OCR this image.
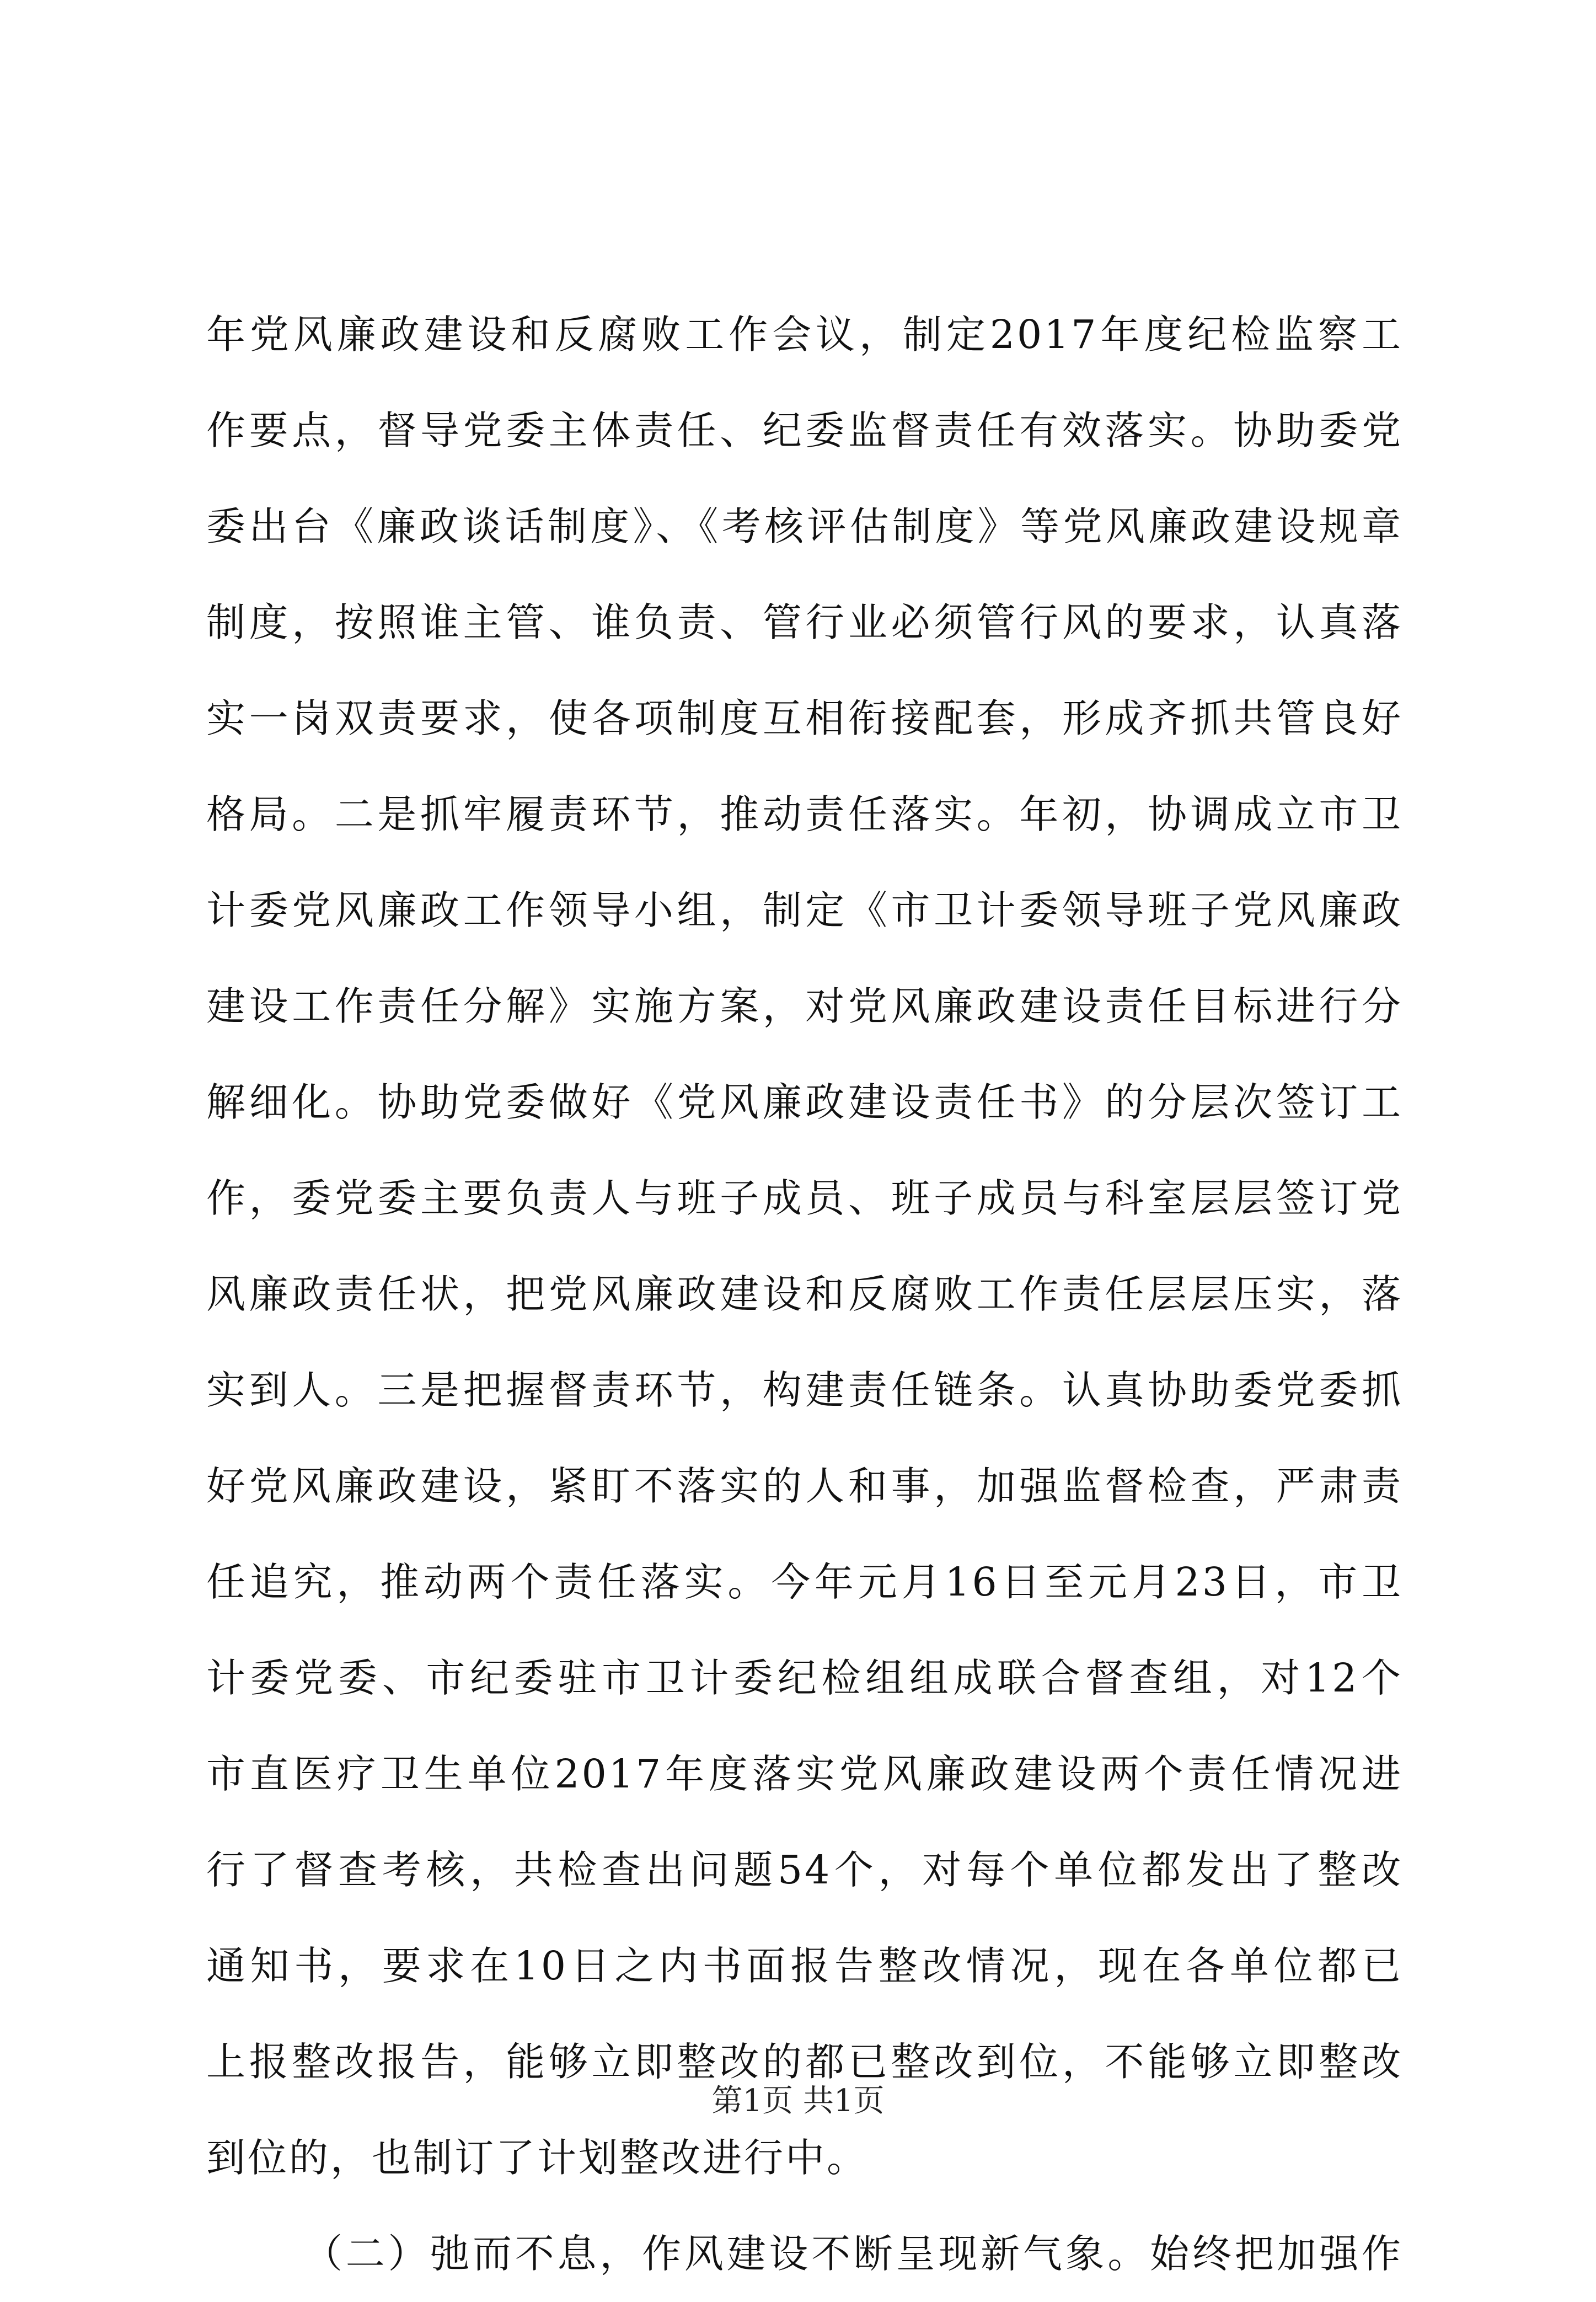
年党风廉政建设和反腐败工作会议，制定2017年度纪检监察工
作要点，督导党委主体责任、纪委监督责任有效落实。协助委党
委出台《廉政谈话制度》、《考核评估制度》等党风廉政建设规章
制度，按照谁主管、谁负责、管行业必须管行风的要求，认真落
实一岗双责要求，使各项制度互相衔接配套，形成齐抓共管良好
格局。二是抓牢履责环节，推动责任落实。年初，协调成立市卫
计委党风廉政工作领导小组，制定《市卫计委领导班子党风廉政
建设工作责任分解》实施方案，对党风廉政建设责任目标进行分
解细化。协助党委做好《党风廉政建设责任书》的分层次签订工
作，委党委主要负责人与班子成员、班子成员与科室层层签订党
风廉政责任状，把党风廉政建设和反腐败工作责任层层压实，落
实到人。三是把握督责环节，构建责任链条。认真协助委党委抓
好党风廉政建设，紧盯不落实的人和事，加强监督检查，严肃责
任追究，推动两个责任落实。今年元月16日至元月23日，市卫
计委党委、市纪委驻市卫计委纪检组组成联合督查组，对12个
市直医疗卫生单位2017年度落实党风廉政建设两个责任情况进
行了督查考核，共检查出问题54个，对每个单位都发出了整改
通知书，要求在10日之内书面报告整改情况，现在各单位都已
上报整改报告，能够立即整改的都已整改到位，不能够立即整改
到位的，也制订了计划整改进行中。
（二）弛而不息，作风建设不断呈现新气象。始终把加强作
第1页 共1页
